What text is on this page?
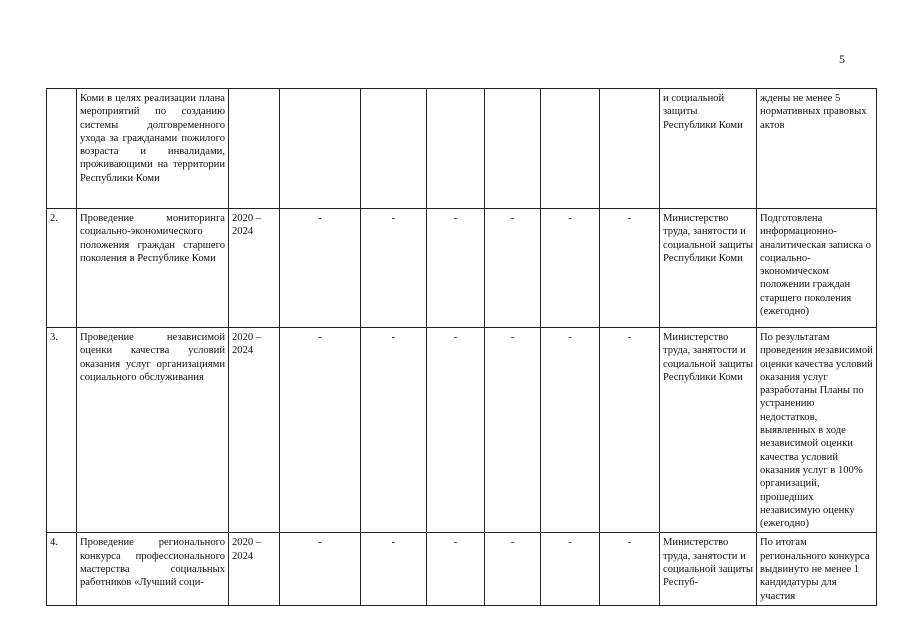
5
	Коми в целях реализации плана мероприятий по созданию системы долговременного ухода за гражданами пожилого возраста и инвалидами, проживающими на территории Республики Коми								и социальной защиты Республики Коми	ждены не менее 5 нормативных правовых актов
2.	Проведение мониторинга социально-экономического положения граждан старшего поколения в Республике Коми	2020 – 2024	-	-	-	-	-	-	Министерство труда, занятости и социальной защиты Республики Коми	Подготовлена информационно-аналитическая записка о социально-экономическом положении граждан старшего поколения (ежегодно)
3.	Проведение независимой оценки качества условий оказания услуг организациями социального обслуживания	2020 – 2024	-	-	-	-	-	-	Министерство труда, занятости и социальной защиты Республики Коми	По результатам проведения независимой оценки качества условий оказания услуг разработаны Планы по устранению недостатков, выявленных в ходе независимой оценки качества условий оказания услуг в 100% организаций, прошедших независимую оценку (ежегодно)
4.	Проведение регионального конкурса профессионального мастерства социальных работников «Лучший соци-	2020 – 2024	-	-	-	-	-	-	Министерство труда, занятости и социальной защиты Респуб-	По итогам регионального конкурса выдвинуто не менее 1 кандидатуры для участия
